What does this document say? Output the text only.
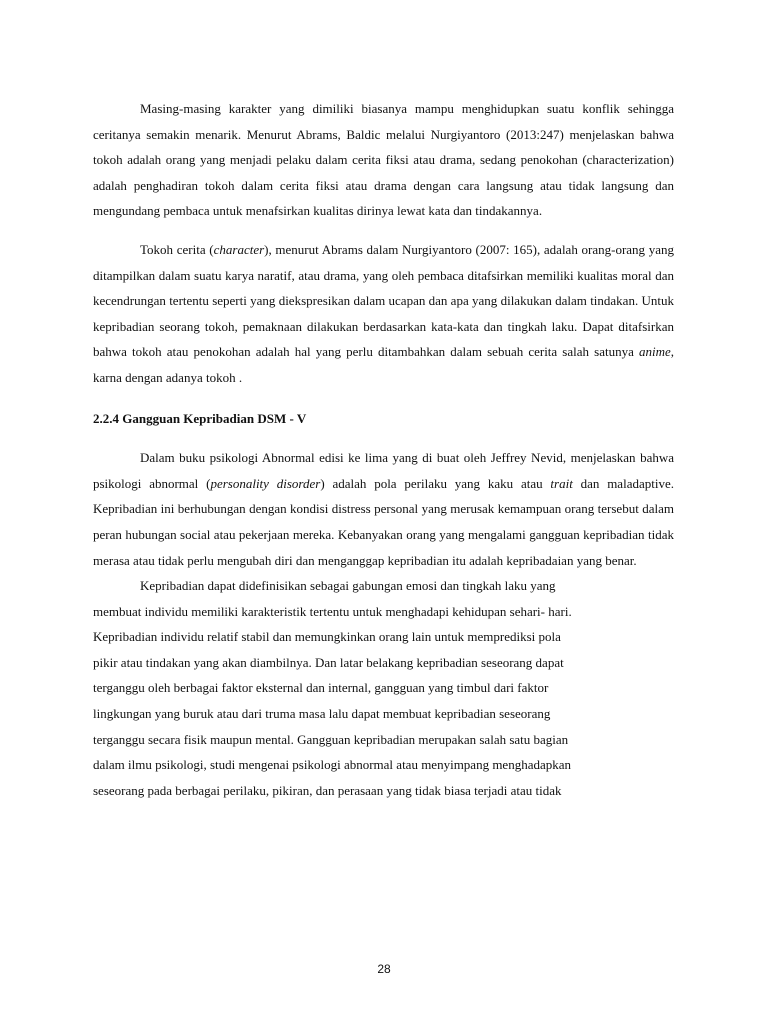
Masing-masing karakter yang dimiliki biasanya mampu menghidupkan suatu konflik sehingga ceritanya semakin menarik. Menurut Abrams, Baldic melalui Nurgiyantoro (2013:247) menjelaskan bahwa tokoh adalah orang yang menjadi pelaku dalam cerita fiksi atau drama, sedang penokohan (characterization) adalah penghadiran tokoh dalam cerita fiksi atau drama dengan cara langsung atau tidak langsung dan mengundang pembaca untuk menafsirkan kualitas dirinya lewat kata dan tindakannya.

Tokoh cerita (character), menurut Abrams dalam Nurgiyantoro (2007: 165), adalah orang-orang yang ditampilkan dalam suatu karya naratif, atau drama, yang oleh pembaca ditafsirkan memiliki kualitas moral dan kecendrungan tertentu seperti yang diekspresikan dalam ucapan dan apa yang dilakukan dalam tindakan. Untuk kepribadian seorang tokoh, pemaknaan dilakukan berdasarkan kata-kata dan tingkah laku. Dapat ditafsirkan bahwa tokoh atau penokohan adalah hal yang perlu ditambahkan dalam sebuah cerita salah satunya anime, karna dengan adanya tokoh .

2.2.4 Gangguan Kepribadian DSM - V

Dalam buku psikologi Abnormal edisi ke lima yang di buat oleh Jeffrey Nevid, menjelaskan bahwa psikologi abnormal (personality disorder) adalah pola perilaku yang kaku atau trait dan maladaptive. Kepribadian ini berhubungan dengan kondisi distress personal yang merusak kemampuan orang tersebut dalam peran hubungan social atau pekerjaan mereka. Kebanyakan orang yang mengalami gangguan kepribadian tidak merasa atau tidak perlu mengubah diri dan menganggap kepribadian itu adalah kepribadaian yang benar.

Kepribadian dapat didefinisikan sebagai gabungan emosi dan tingkah laku yang
membuat individu memiliki karakteristik tertentu untuk menghadapi kehidupan sehari- hari.
Kepribadian individu relatif stabil dan memungkinkan orang lain untuk memprediksi pola
pikir atau tindakan yang akan diambilnya. Dan latar belakang kepribadian seseorang dapat
terganggu oleh berbagai faktor eksternal dan internal, gangguan yang timbul dari faktor
lingkungan yang buruk atau dari truma masa lalu dapat membuat kepribadian seseorang
terganggu secara fisik maupun mental. Gangguan kepribadian merupakan salah satu bagian
dalam ilmu psikologi, studi mengenai psikologi abnormal atau menyimpang menghadapkan
seseorang pada berbagai perilaku, pikiran, dan perasaan yang tidak biasa terjadi atau tidak
28
